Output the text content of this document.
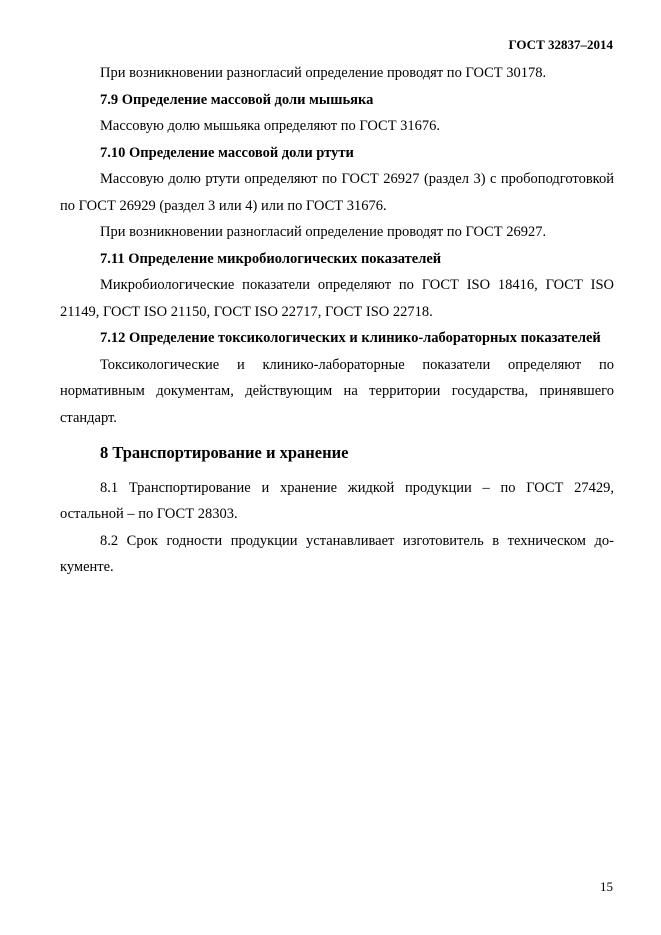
ГОСТ 32837–2014

При возникновении разногласий определение проводят по ГОСТ 30178.

7.9 Определение массовой доли мышьяка

Массовую долю мышьяка определяют по ГОСТ 31676.

7.10 Определение массовой доли ртути

Массовую долю ртути определяют по ГОСТ 26927 (раздел 3) с пробоподготовкой по ГОСТ 26929 (раздел 3 или 4) или по ГОСТ 31676.

При возникновении разногласий определение проводят по ГОСТ 26927.

7.11 Определение микробиологических показателей

Микробиологические показатели определяют по ГОСТ ISO 18416, ГОСТ ISO 21149, ГОСТ ISO 21150, ГОСТ ISO 22717, ГОСТ ISO 22718.

7.12 Определение токсикологических и клинико-лабораторных показателей

Токсикологические и клинико-лабораторные показатели определяют по нормативным документам, действующим на территории государства, принявшего стандарт.

8 Транспортирование и хранение

8.1 Транспортирование и хранение жидкой продукции – по ГОСТ 27429, остальной – по ГОСТ 28303.

8.2 Срок годности продукции устанавливает изготовитель в техническом документе.

15
